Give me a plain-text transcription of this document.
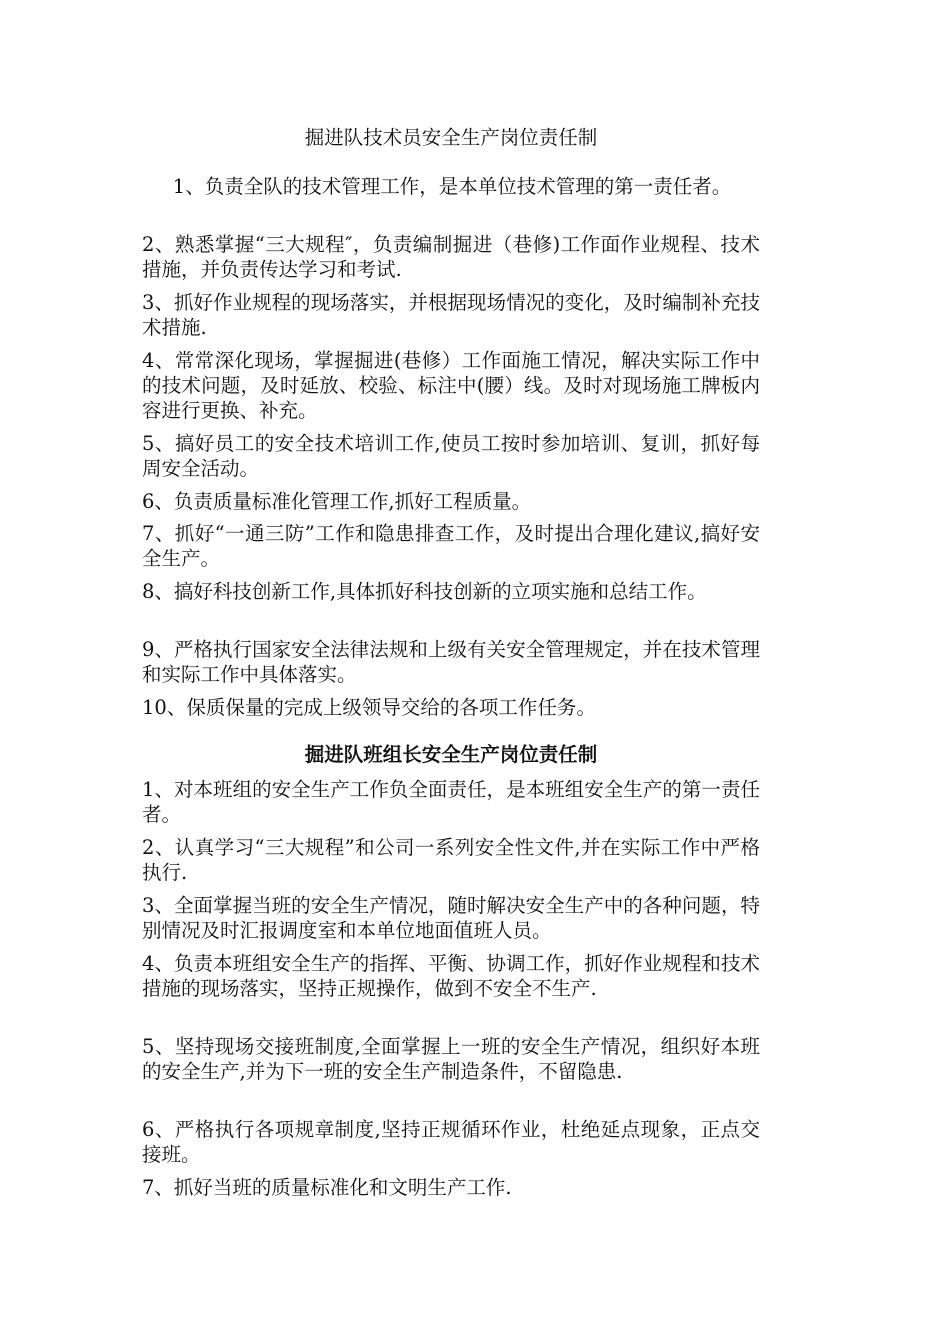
掘进队技术员安全生产岗位责任制

1、负责全队的技术管理工作，是本单位技术管理的第一责任者。

2、熟悉掌握“三大规程″，负责编制掘进（巷修)工作面作业规程、技术措施，并负责传达学习和考试.

3、抓好作业规程的现场落实，并根据现场情况的变化，及时编制补充技术措施.

4、常常深化现场，掌握掘进(巷修）工作面施工情况，解决实际工作中的技术问题，及时延放、校验、标注中(腰）线。及时对现场施工牌板内容进行更换、补充。

5、搞好员工的安全技术培训工作,使员工按时参加培训、复训，抓好每周安全活动。

6、负责质量标准化管理工作,抓好工程质量。

7、抓好“一通三防”工作和隐患排查工作，及时提出合理化建议,搞好安全生产。

8、搞好科技创新工作,具体抓好科技创新的立项实施和总结工作。

9、严格执行国家安全法律法规和上级有关安全管理规定，并在技术管理和实际工作中具体落实。

10、保质保量的完成上级领导交给的各项工作任务。

掘进队班组长安全生产岗位责任制

1、对本班组的安全生产工作负全面责任，是本班组安全生产的第一责任者。

2、认真学习“三大规程”和公司一系列安全性文件,并在实际工作中严格执行.

3、全面掌握当班的安全生产情况，随时解决安全生产中的各种问题，特别情况及时汇报调度室和本单位地面值班人员。

4、负责本班组安全生产的指挥、平衡、协调工作，抓好作业规程和技术措施的现场落实，坚持正规操作，做到不安全不生产.

5、坚持现场交接班制度,全面掌握上一班的安全生产情况，组织好本班的安全生产,并为下一班的安全生产制造条件，不留隐患.

6、严格执行各项规章制度,坚持正规循环作业，杜绝延点现象，正点交接班。

7、抓好当班的质量标准化和文明生产工作.
